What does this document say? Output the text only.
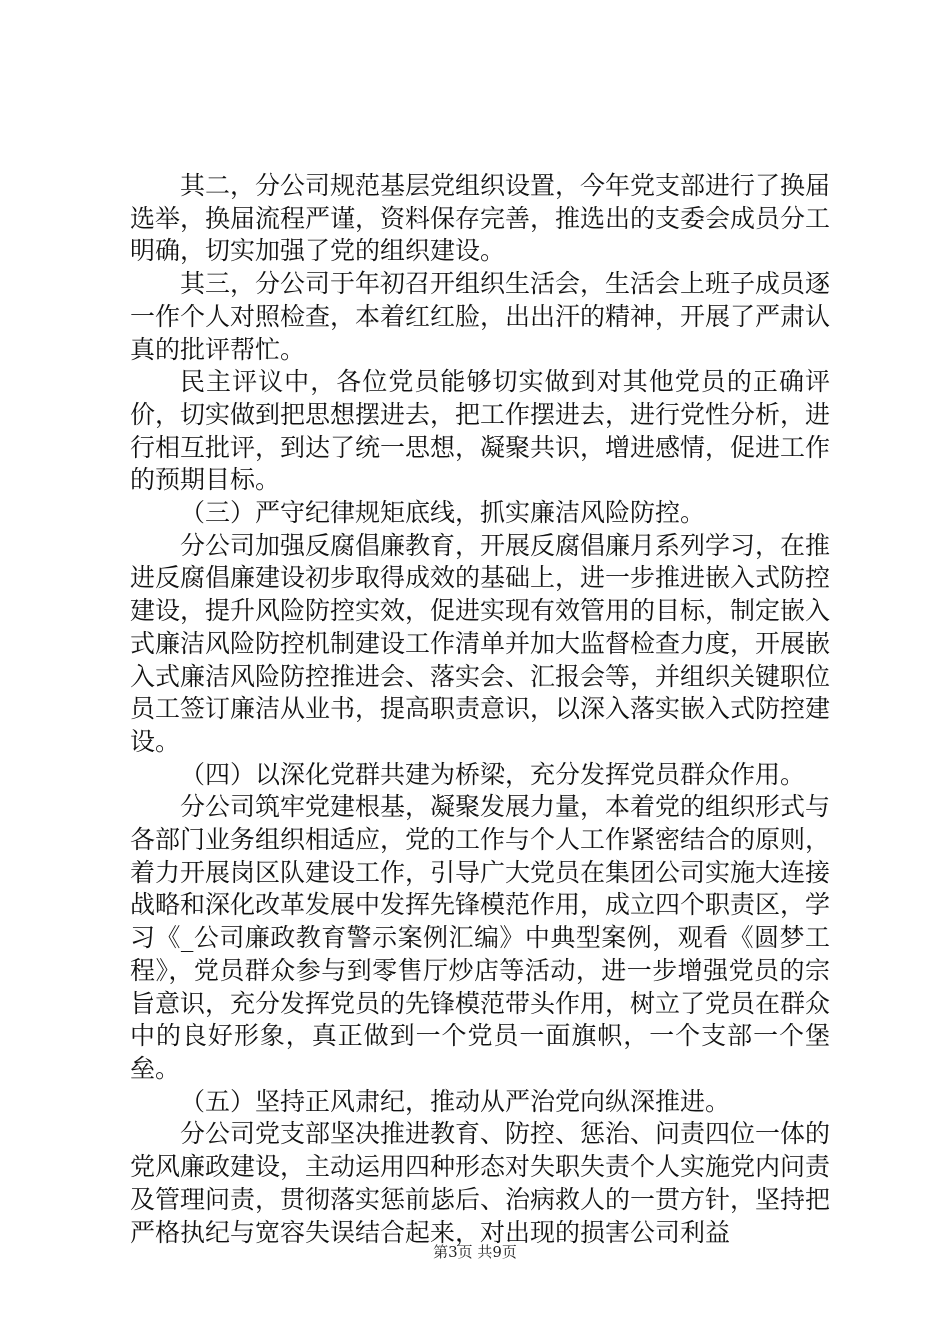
其二，分公司规范基层党组织设置，今年党支部进行了换届选举，换届流程严谨，资料保存完善，推选出的支委会成员分工明确，切实加强了党的组织建设。

其三，分公司于年初召开组织生活会，生活会上班子成员逐一作个人对照检查，本着红红脸，出出汗的精神，开展了严肃认真的批评帮忙。

民主评议中，各位党员能够切实做到对其他党员的正确评价，切实做到把思想摆进去，把工作摆进去，进行党性分析，进行相互批评，到达了统一思想，凝聚共识，增进感情，促进工作的预期目标。

（三）严守纪律规矩底线，抓实廉洁风险防控。

分公司加强反腐倡廉教育，开展反腐倡廉月系列学习，在推进反腐倡廉建设初步取得成效的基础上，进一步推进嵌入式防控建设，提升风险防控实效，促进实现有效管用的目标，制定嵌入式廉洁风险防控机制建设工作清单并加大监督检查力度，开展嵌入式廉洁风险防控推进会、落实会、汇报会等，并组织关键职位员工签订廉洁从业书，提高职责意识，以深入落实嵌入式防控建设。

（四）以深化党群共建为桥梁，充分发挥党员群众作用。

分公司筑牢党建根基，凝聚发展力量，本着党的组织形式与各部门业务组织相适应，党的工作与个人工作紧密结合的原则，着力开展岗区队建设工作，引导广大党员在集团公司实施大连接战略和深化改革发展中发挥先锋模范作用，成立四个职责区，学习《_公司廉政教育警示案例汇编》中典型案例，观看《圆梦工程》，党员群众参与到零售厅炒店等活动，进一步增强党员的宗旨意识，充分发挥党员的先锋模范带头作用，树立了党员在群众中的良好形象，真正做到一个党员一面旗帜，一个支部一个堡垒。

（五）坚持正风肃纪，推动从严治党向纵深推进。

分公司党支部坚决推进教育、防控、惩治、问责四位一体的党风廉政建设，主动运用四种形态对失职失责个人实施党内问责及管理问责，贯彻落实惩前毖后、治病救人的一贯方针，坚持把严格执纪与宽容失误结合起来，对出现的损害公司利益

第3页 共9页
